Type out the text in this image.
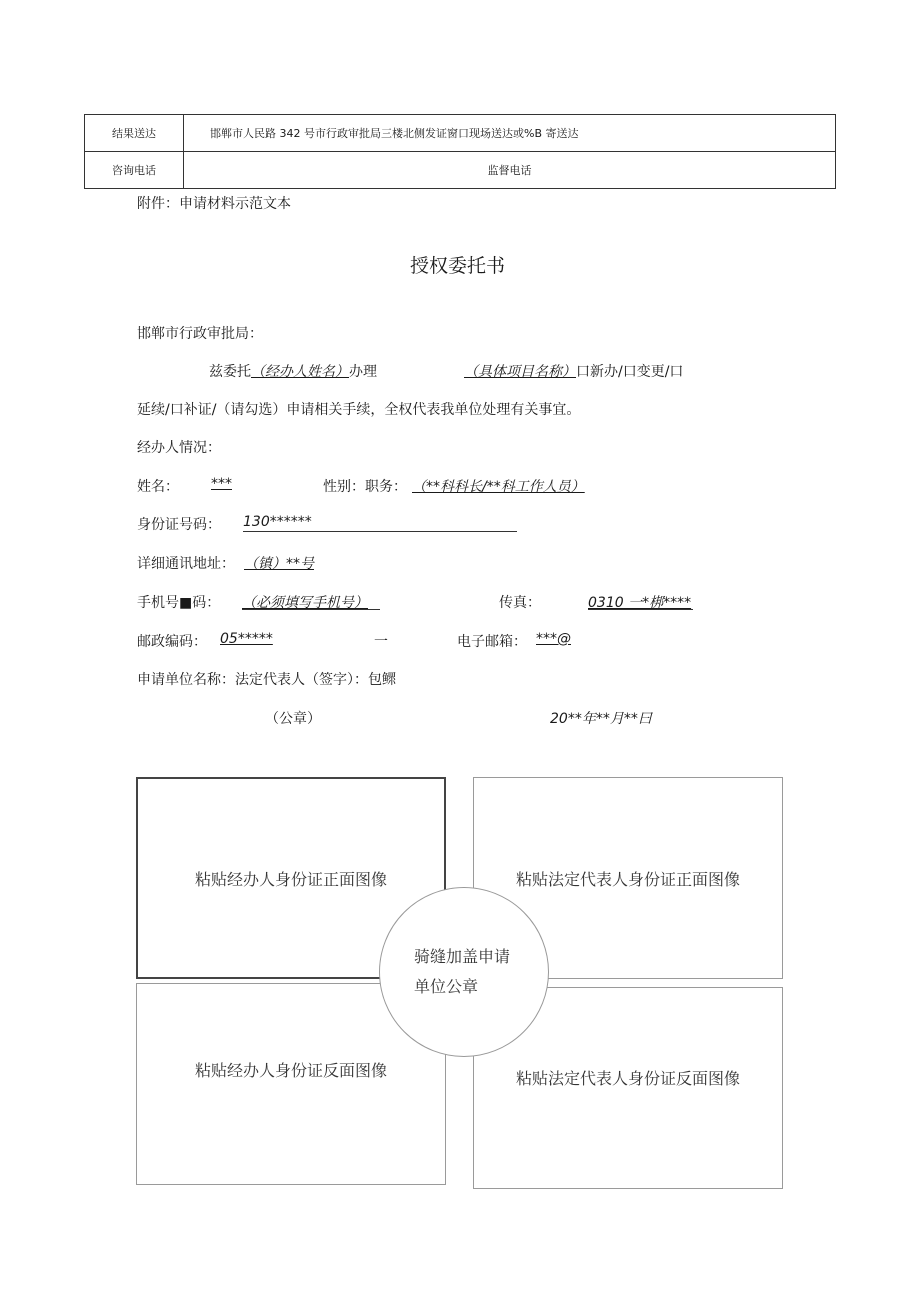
结果送达	邯郸市人民路 342 号市行政审批局三楼北侧发证窗口现场送达或%B 寄送达
咨询电话	监督电话
附件：申请材料示范文本
授权委托书
邯郸市行政审批局：
兹委托（经办人姓名）办理	（具体项目名称）口新办/口变更/口
延续/口补证/（请勾选）申请相关手续，全权代表我单位处理有关事宜。
经办人情况：
姓名： ***	性别：职务： （**科科长/**科工作人员）
身份证号码： 130******
详细通讯地址： （镇）**号
手机号■码： （必须填写手机号）	传真：	0310 一*梆****
邮政编码： 05*****	一	电子邮箱： ***@
申请单位名称：法定代表人（签字）：包鳏
（公章）	20**年**月**曰
粘贴经办人身份证正面图像	粘贴法定代表人身份证正面图像
粘贴经办人身份证反面图像	粘贴法定代表人身份证反面图像
骑缝加盖申请
单位公章
